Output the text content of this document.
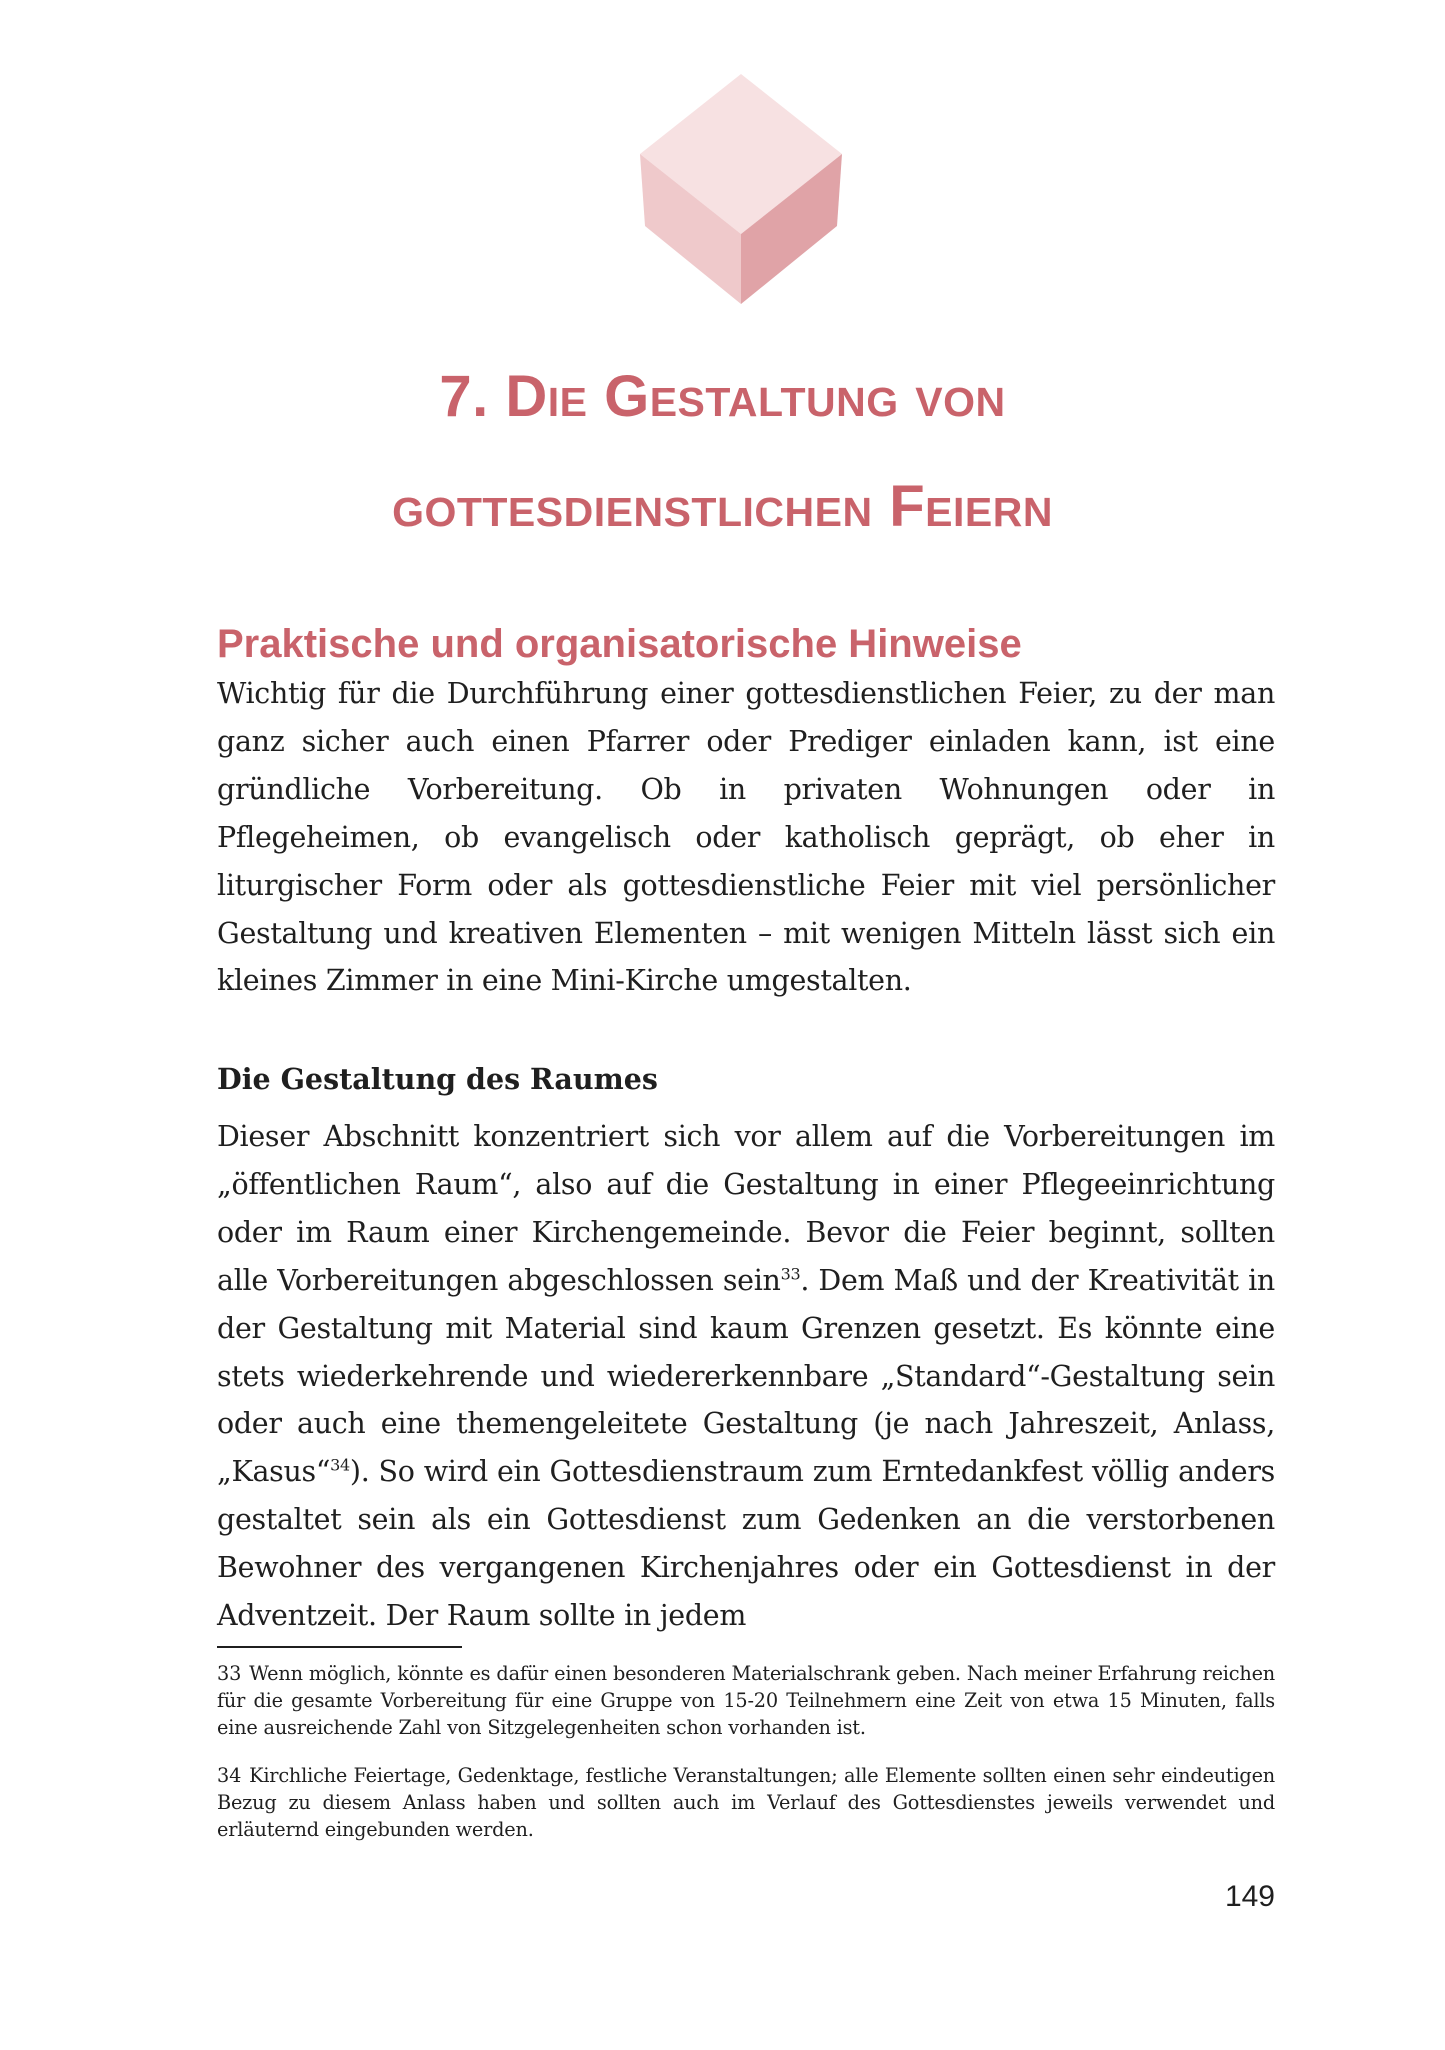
7. Die Gestaltung von
gottesdienstlichen Feiern
Praktische und organisatorische Hinweise

Wichtig für die Durchführung einer gottesdienstlichen Feier, zu der man ganz sicher auch einen Pfarrer oder Prediger einladen kann, ist eine gründliche Vorbereitung. Ob in privaten Wohnungen oder in Pflegeheimen, ob evangelisch oder katholisch geprägt, ob eher in liturgischer Form oder als gottesdienstliche Feier mit viel persönlicher Gestaltung und kreativen Elementen – mit wenigen Mitteln lässt sich ein kleines Zimmer in eine Mini-Kirche umgestalten.

Die Gestaltung des Raumes

Dieser Abschnitt konzentriert sich vor allem auf die Vorbereitungen im „öffentlichen Raum“, also auf die Gestaltung in einer Pflegeeinrichtung oder im Raum einer Kirchengemeinde. Bevor die Feier beginnt, sollten alle Vorbereitungen abgeschlossen sein$^{33}$. Dem Maß und der Kreativität in der Gestaltung mit Material sind kaum Grenzen gesetzt. Es könnte eine stets wiederkehrende und wiedererkennbare „Standard“-Gestaltung sein oder auch eine themengeleitete Gestaltung (je nach Jahreszeit, Anlass, „Kasus“$^{34}$). So wird ein Gottesdienstraum zum Erntedankfest völlig anders gestaltet sein als ein Gottesdienst zum Gedenken an die verstorbenen Bewohner des vergangenen Kirchenjahres oder ein Gottesdienst in der Adventzeit. Der Raum sollte in jedem

33 Wenn möglich, könnte es dafür einen besonderen Materialschrank geben. Nach meiner Erfahrung reichen für die gesamte Vorbereitung für eine Gruppe von 15-20 Teilnehmern eine Zeit von etwa 15 Minuten, falls eine ausreichende Zahl von Sitzgelegenheiten schon vorhanden ist.

34 Kirchliche Feiertage, Gedenktage, festliche Veranstaltungen; alle Elemente sollten einen sehr eindeutigen Bezug zu diesem Anlass haben und sollten auch im Verlauf des Gottesdienstes jeweils verwendet und erläuternd eingebunden werden.

149
